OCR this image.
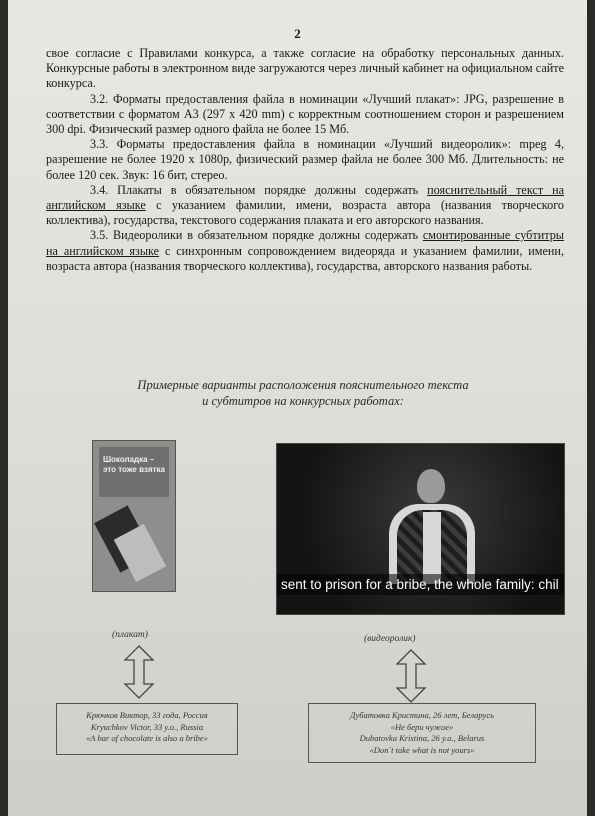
2

свое согласие с Правилами конкурса, а также согласие на обработку персональных данных. Конкурсные работы в электронном виде загружаются через личный кабинет на официальном сайте конкурса.

3.2. Форматы предоставления файла в номинации «Лучший плакат»: JPG, разрешение в соответствии с форматом А3 (297 х 420 mm) с корректным соотношением сторон и разрешением 300 dpi. Физический размер одного файла не более 15 Мб.

3.3. Форматы предоставления файла в номинации «Лучший видеоролик»: mpeg 4, разрешение не более 1920 х 1080р, физический размер файла не более 300 Мб. Длительность: не более 120 сек. Звук: 16 бит, стерео.

3.4. Плакаты в обязательном порядке должны содержать пояснительный текст на английском языке с указанием фамилии, имени, возраста автора (названия творческого коллектива), государства, текстового содержания плаката и его авторского названия.

3.5. Видеоролики в обязательном порядке должны содержать смонтированные субтитры на английском языке с синхронным сопровождением видеоряда и указанием фамилии, имени, возраста автора (названия творческого коллектива), государства, авторского названия работы.

Примерные варианты расположения пояснительного текста
и субтитров на конкурсных работах:
Шоколадка – это тоже взятка
sent to prison for a bribe, the whole family: chil
(плакат)	(видеоролик)
Крючков Виктор, 33 года, Россия
Kryuchkov Victor, 33 y.o., Russia
«A bar of chocolate is also a bribe»
Дубатовка Кристина, 26 лет, Беларусь
«Не бери чужое»
Dubatovka Kristina, 26 y.o., Belarus
«Don`t take what is not yours»
